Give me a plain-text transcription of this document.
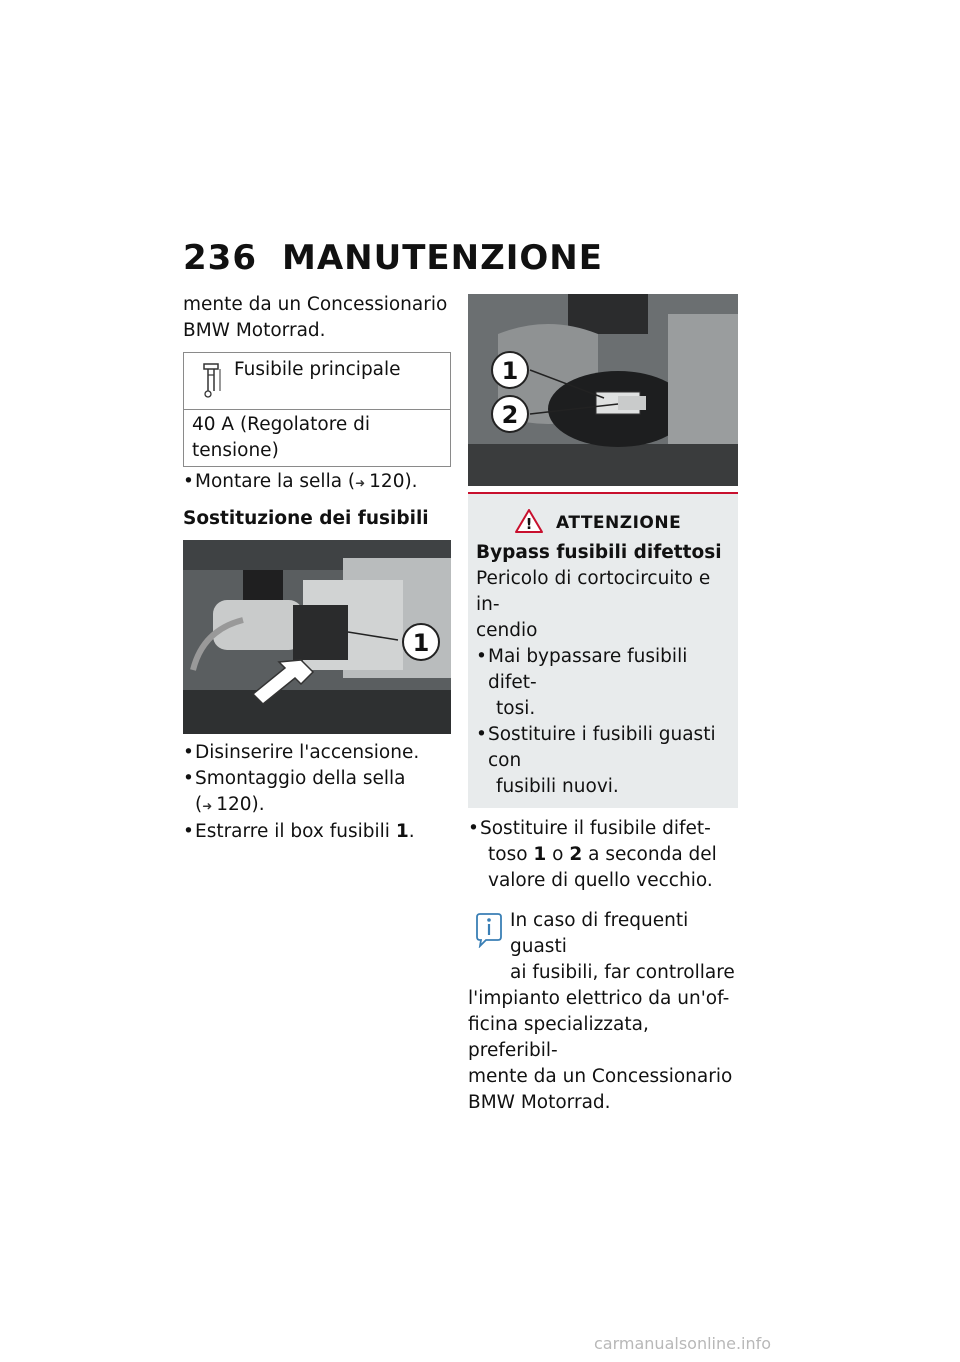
236 MANUTENZIONE

mente da un Concessionario

BMW Motorrad.

Fusibile principale
40 A (Regolatore di tensione)

• Montare la sella (➜ 120).

Sostituzione dei fusibili

1

• Disinserire l'accensione.

• Smontaggio della sella

(➜ 120).

• Estrarre il box fusibili 1.

1
2
! ATTENZIONE
Bypass fusibili difettosi
Pericolo di cortocircuito e in-
cendio
• Mai bypassare fusibili difet-
tosi.
• Sostituire i fusibili guasti con
fusibili nuovi.

• Sostituire il fusibile difet-

toso 1 o 2 a seconda del

valore di quello vecchio.

In caso di frequenti guasti
ai fusibili, far controllare
l'impianto elettrico da un'of-
ficina specializzata, preferibil-
mente da un Concessionario
BMW Motorrad.
carmanualsonline.info
